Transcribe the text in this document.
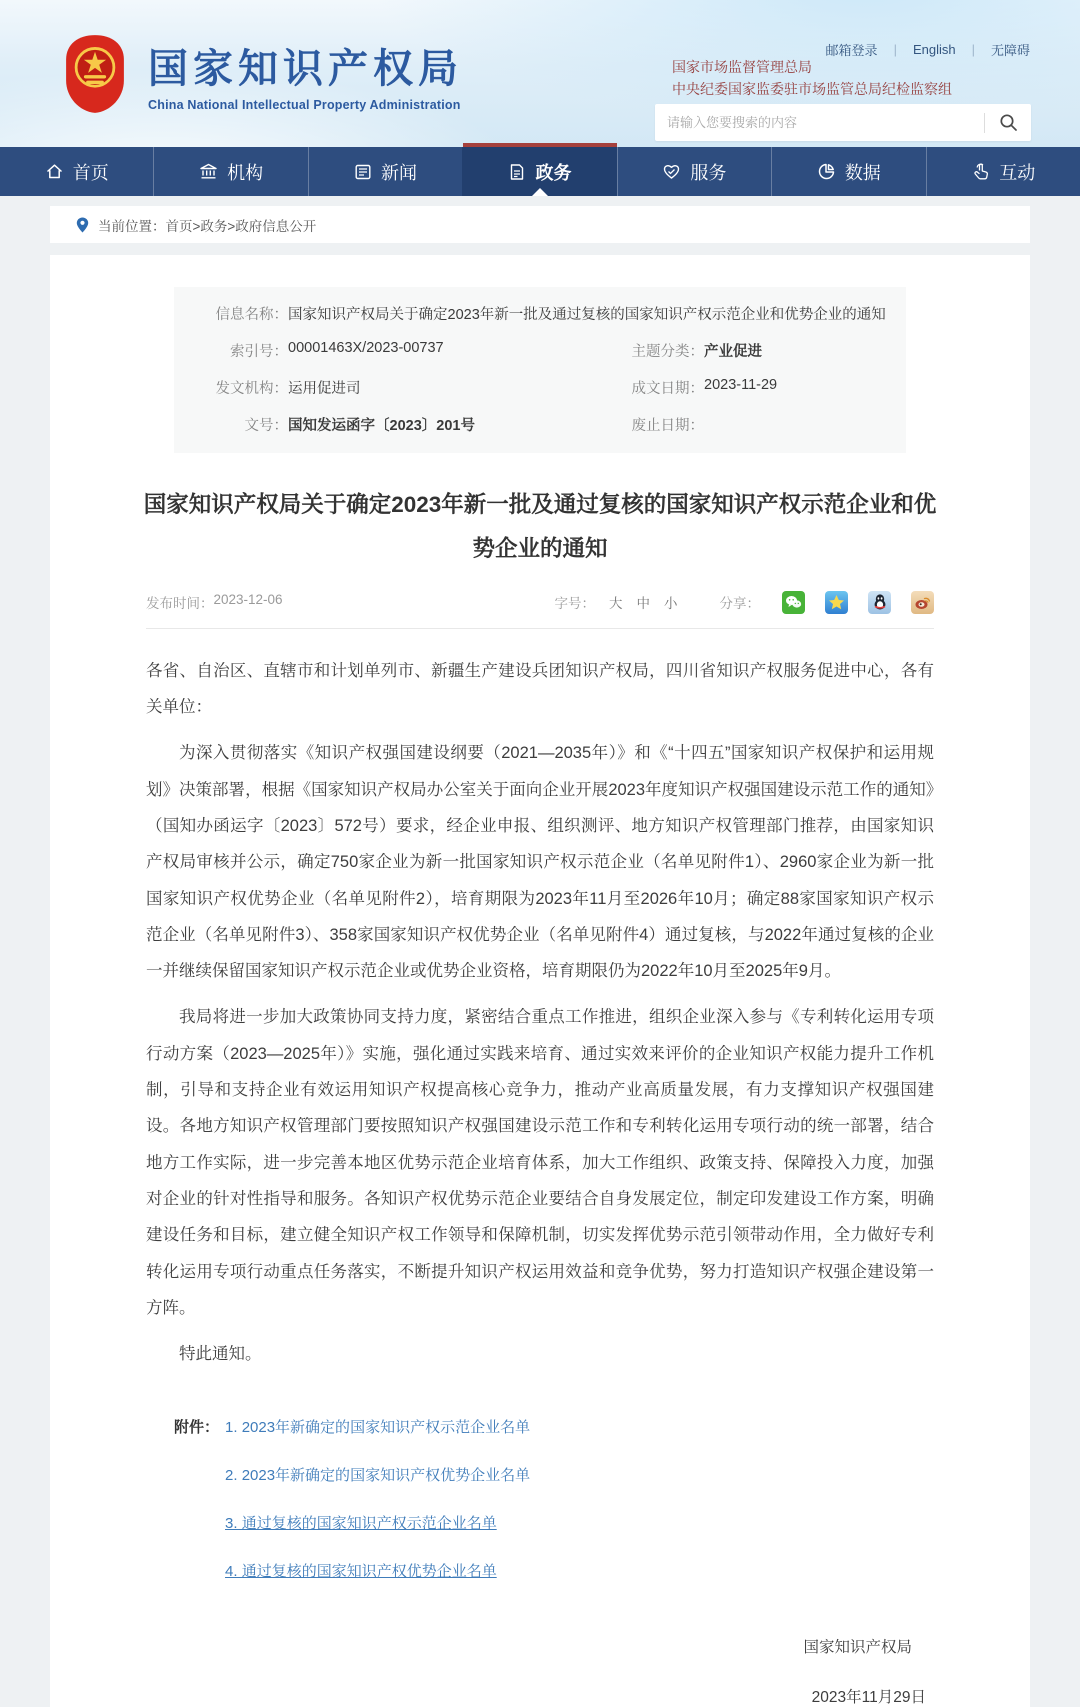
国家知识产权局
China National Intellectual Property Administration
邮箱登录 | English | 无障碍
国家市场监督管理总局
中央纪委国家监委驻市场监管总局纪检监察组
请输入您要搜索的内容
首页	机构	新闻	政务	服务	数据	互动
当前位置： 首页>政务>政府信息公开
信息名称： 国家知识产权局关于确定2023年新一批及通过复核的国家知识产权示范企业和优势企业的通知
索引号： 00001463X/2023-00737	主题分类： 产业促进
发文机构： 运用促进司	成文日期： 2023-11-29
文号： 国知发运函字〔2023〕201号	废止日期：
国家知识产权局关于确定2023年新一批及通过复核的国家知识产权示范企业和优势企业的通知
发布时间： 2023-12-06	字号： 大 中 小	分享：

各省、自治区、直辖市和计划单列市、新疆生产建设兵团知识产权局，四川省知识产权服务促进中心，各有关单位：

为深入贯彻落实《知识产权强国建设纲要（2021—2035年）》和《“十四五”国家知识产权保护和运用规划》决策部署，根据《国家知识产权局办公室关于面向企业开展2023年度知识产权强国建设示范工作的通知》（国知办函运字〔2023〕572号）要求，经企业申报、组织测评、地方知识产权管理部门推荐，由国家知识产权局审核并公示，确定750家企业为新一批国家知识产权示范企业（名单见附件1）、2960家企业为新一批国家知识产权优势企业（名单见附件2），培育期限为2023年11月至2026年10月；确定88家国家知识产权示范企业（名单见附件3）、358家国家知识产权优势企业（名单见附件4）通过复核，与2022年通过复核的企业一并继续保留国家知识产权示范企业或优势企业资格，培育期限仍为2022年10月至2025年9月。

我局将进一步加大政策协同支持力度，紧密结合重点工作推进，组织企业深入参与《专利转化运用专项行动方案（2023—2025年）》实施，强化通过实践来培育、通过实效来评价的企业知识产权能力提升工作机制，引导和支持企业有效运用知识产权提高核心竞争力，推动产业高质量发展，有力支撑知识产权强国建设。各地方知识产权管理部门要按照知识产权强国建设示范工作和专利转化运用专项行动的统一部署，结合地方工作实际，进一步完善本地区优势示范企业培育体系，加大工作组织、政策支持、保障投入力度，加强对企业的针对性指导和服务。各知识产权优势示范企业要结合自身发展定位，制定印发建设工作方案，明确建设任务和目标，建立健全知识产权工作领导和保障机制，切实发挥优势示范引领带动作用，全力做好专利转化运用专项行动重点任务落实，不断提升知识产权运用效益和竞争优势，努力打造知识产权强企建设第一方阵。

特此通知。

附件： 1. 2023年新确定的国家知识产权示范企业名单
2. 2023年新确定的国家知识产权优势企业名单
3. 通过复核的国家知识产权示范企业名单
4. 通过复核的国家知识产权优势企业名单
国家知识产权局
2023年11月29日
